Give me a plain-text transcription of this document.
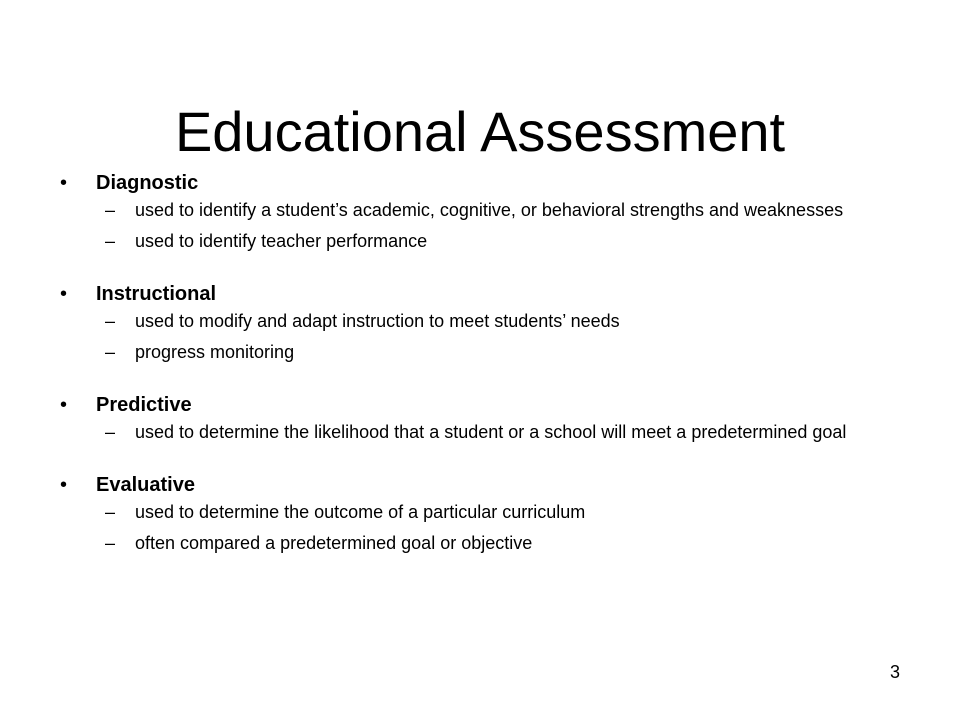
Educational Assessment
•	Diagnostic
–	used to identify a student’s academic, cognitive, or behavioral strengths and weaknesses
–	used to identify teacher performance
•	Instructional
–	used to modify and adapt instruction to meet students’ needs
–	progress monitoring
•	Predictive
–	used to determine the likelihood that a student or a school will meet a predetermined goal
•	Evaluative
–	used to determine the outcome of a particular curriculum
–	often compared a predetermined goal or objective
3
